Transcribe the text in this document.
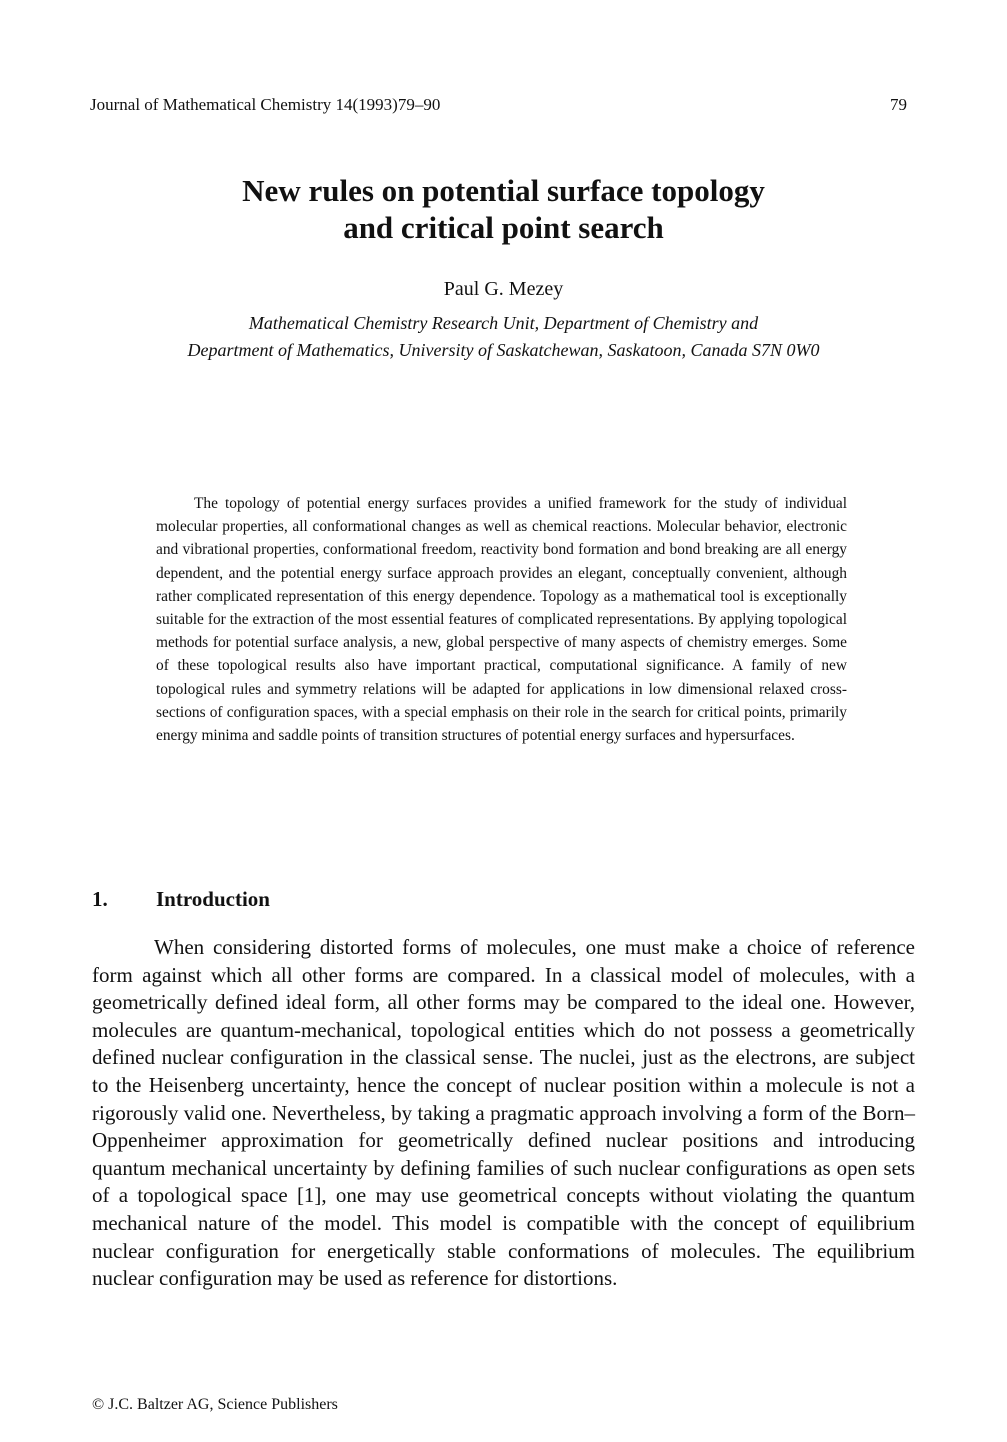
Journal of Mathematical Chemistry 14(1993)79–90	79
New rules on potential surface topology
and critical point search
Paul G. Mezey
Mathematical Chemistry Research Unit, Department of Chemistry and
Department of Mathematics, University of Saskatchewan, Saskatoon, Canada S7N 0W0

The topology of potential energy surfaces provides a unified framework for the study of individual molecular properties, all conformational changes as well as chemical reactions. Molecular behavior, electronic and vibrational properties, conformational freedom, reactivity bond formation and bond breaking are all energy dependent, and the potential energy surface approach provides an elegant, conceptually convenient, although rather complicated representation of this energy dependence. Topology as a mathematical tool is exceptionally suitable for the extraction of the most essential features of complicated representations. By applying topological methods for potential surface analysis, a new, global perspective of many aspects of chemistry emerges. Some of these topological results also have important practical, computational significance. A family of new topological rules and symmetry relations will be adapted for applications in low dimensional relaxed cross-sections of configuration spaces, with a special emphasis on their role in the search for critical points, primarily energy minima and saddle points of transition structures of potential energy surfaces and hypersurfaces.

1.	Introduction

When considering distorted forms of molecules, one must make a choice of reference form against which all other forms are compared. In a classical model of molecules, with a geometrically defined ideal form, all other forms may be compared to the ideal one. However, molecules are quantum-mechanical, topological entities which do not possess a geometrically defined nuclear configuration in the classical sense. The nuclei, just as the electrons, are subject to the Heisenberg uncertainty, hence the concept of nuclear position within a molecule is not a rigorously valid one. Nevertheless, by taking a pragmatic approach involving a form of the Born–Oppenheimer approximation for geometrically defined nuclear positions and introducing quantum mechanical uncertainty by defining families of such nuclear configurations as open sets of a topological space [1], one may use geometrical concepts without violating the quantum mechanical nature of the model. This model is compatible with the concept of equilibrium nuclear configuration for energetically stable conformations of molecules. The equilibrium nuclear configuration may be used as reference for distortions.

© J.C. Baltzer AG, Science Publishers
